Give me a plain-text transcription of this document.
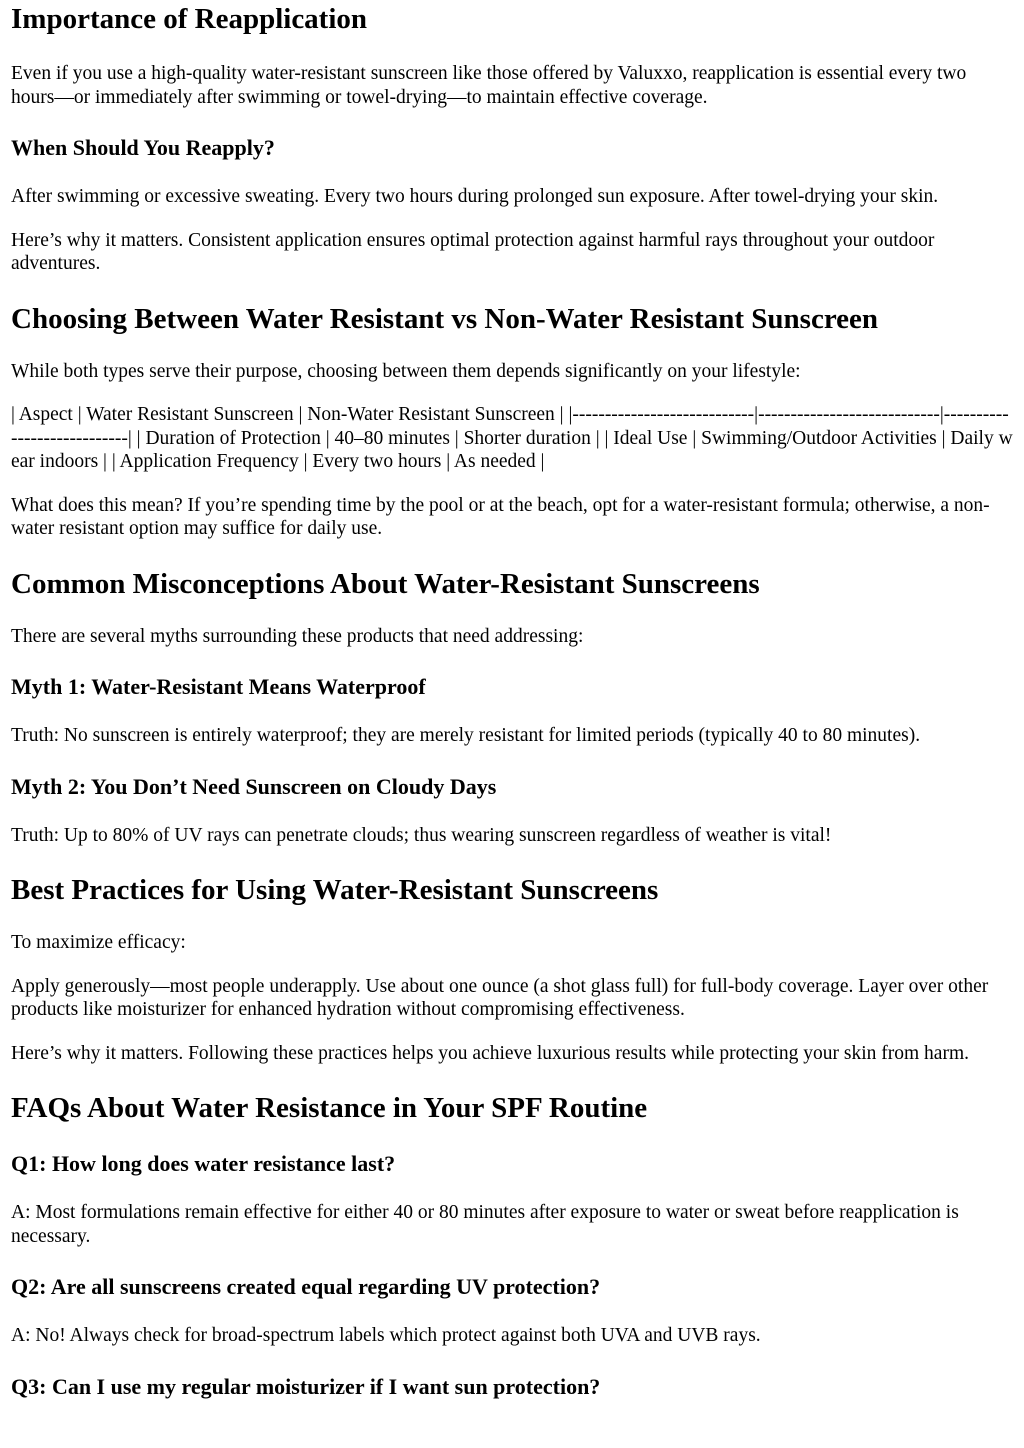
Importance of Reapplication

Even if you use a high-quality water-resistant sunscreen like those offered by Valuxxo, reapplication is essential every two hours—or immediately after swimming or towel-drying—to maintain effective coverage.

When Should You Reapply?

After swimming or excessive sweating. Every two hours during prolonged sun exposure. After towel-drying your skin.

Here’s why it matters. Consistent application ensures optimal protection against harmful rays throughout your outdoor adventures.

Choosing Between Water Resistant vs Non-Water Resistant Sunscreen

While both types serve their purpose, choosing between them depends significantly on your lifestyle:

| Aspect | Water Resistant Sunscreen | Non-Water Resistant Sunscreen | |----------------------------|----------------------------|----------------------------| | Duration of Protection | 40–80 minutes | Shorter duration | | Ideal Use | Swimming/Outdoor Activities | Daily wear indoors | | Application Frequency | Every two hours | As needed |

What does this mean? If you’re spending time by the pool or at the beach, opt for a water-resistant formula; otherwise, a non-water resistant option may suffice for daily use.

Common Misconceptions About Water-Resistant Sunscreens

There are several myths surrounding these products that need addressing:

Myth 1: Water-Resistant Means Waterproof

Truth: No sunscreen is entirely waterproof; they are merely resistant for limited periods (typically 40 to 80 minutes).

Myth 2: You Don’t Need Sunscreen on Cloudy Days

Truth: Up to 80% of UV rays can penetrate clouds; thus wearing sunscreen regardless of weather is vital!

Best Practices for Using Water-Resistant Sunscreens

To maximize efficacy:

Apply generously—most people underapply. Use about one ounce (a shot glass full) for full-body coverage. Layer over other products like moisturizer for enhanced hydration without compromising effectiveness.

Here’s why it matters. Following these practices helps you achieve luxurious results while protecting your skin from harm.

FAQs About Water Resistance in Your SPF Routine
Q1: How long does water resistance last?

A: Most formulations remain effective for either 40 or 80 minutes after exposure to water or sweat before reapplication is necessary.

Q2: Are all sunscreens created equal regarding UV protection?

A: No! Always check for broad-spectrum labels which protect against both UVA and UVB rays.

Q3: Can I use my regular moisturizer if I want sun protection?
